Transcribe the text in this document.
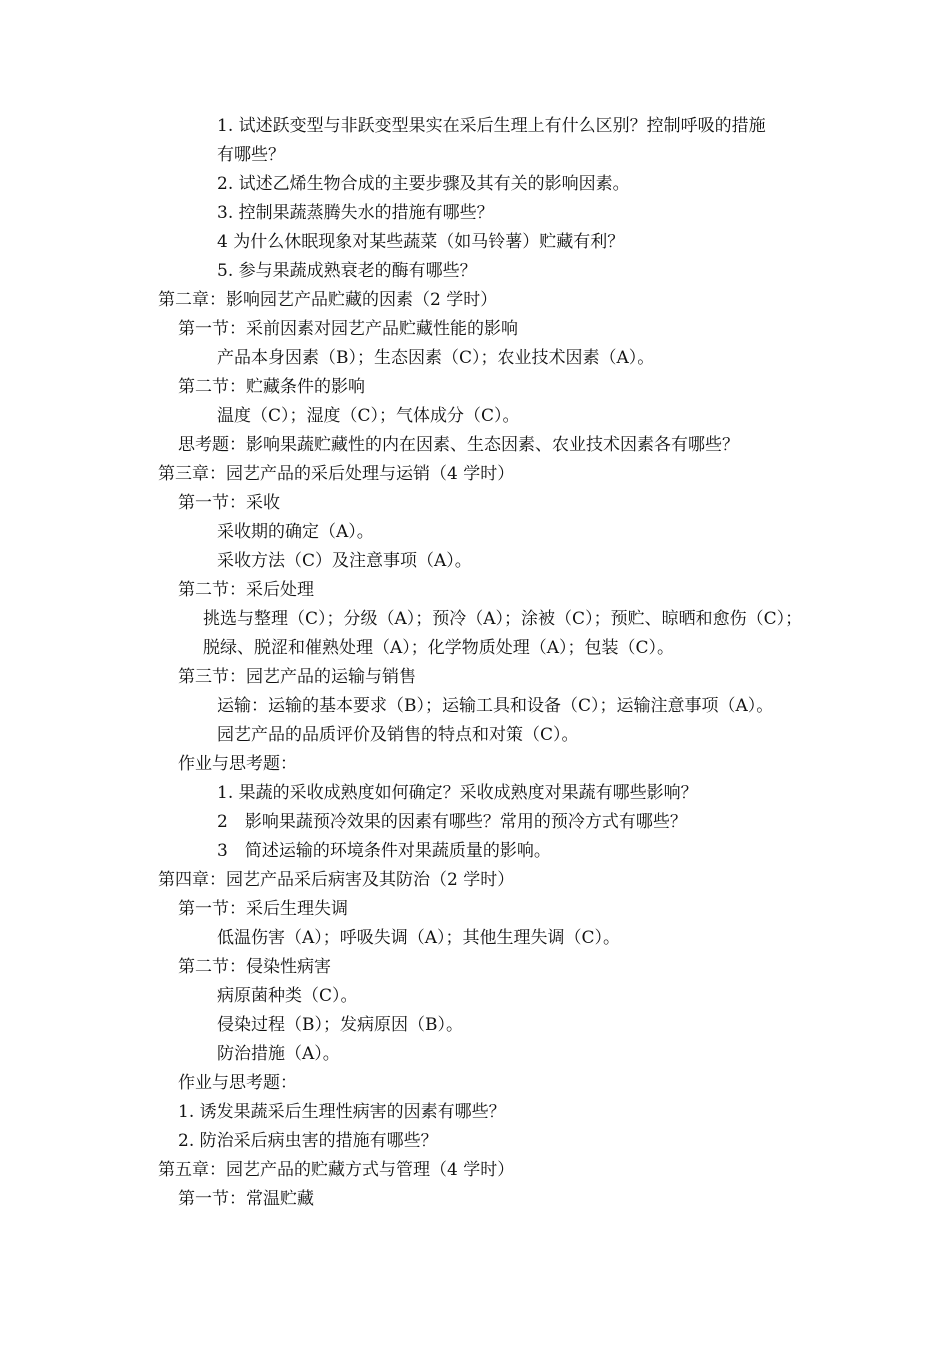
1. 试述跃变型与非跃变型果实在采后生理上有什么区别？控制呼吸的措施
有哪些？
2. 试述乙烯生物合成的主要步骤及其有关的影响因素。
3. 控制果蔬蒸腾失水的措施有哪些？
4 为什么休眠现象对某些蔬菜（如马铃薯）贮藏有利？
5. 参与果蔬成熟衰老的酶有哪些？
第二章：影响园艺产品贮藏的因素（2 学时）
第一节：采前因素对园艺产品贮藏性能的影响
产品本身因素（B）；生态因素（C）；农业技术因素（A）。
第二节：贮藏条件的影响
温度（C）；湿度（C）；气体成分（C）。
思考题：影响果蔬贮藏性的内在因素、生态因素、农业技术因素各有哪些？
第三章：园艺产品的采后处理与运销（4 学时）
第一节：采收
采收期的确定（A）。
采收方法（C）及注意事项（A）。
第二节：采后处理
挑选与整理（C）；分级（A）；预冷（A）；涂被（C）；预贮、晾晒和愈伤（C）；
脱绿、脱涩和催熟处理（A）；化学物质处理（A）；包装（C）。
第三节：园艺产品的运输与销售
运输：运输的基本要求（B）；运输工具和设备（C）；运输注意事项（A）。
园艺产品的品质评价及销售的特点和对策（C）。
作业与思考题：
1. 果蔬的采收成熟度如何确定？采收成熟度对果蔬有哪些影响？
2　影响果蔬预冷效果的因素有哪些？常用的预冷方式有哪些？
3　简述运输的环境条件对果蔬质量的影响。
第四章：园艺产品采后病害及其防治（2 学时）
第一节：采后生理失调
低温伤害（A）；呼吸失调（A）；其他生理失调（C）。
第二节：侵染性病害
病原菌种类（C）。
侵染过程（B）；发病原因（B）。
防治措施（A）。
作业与思考题：
1. 诱发果蔬采后生理性病害的因素有哪些？
2. 防治采后病虫害的措施有哪些？
第五章：园艺产品的贮藏方式与管理（4 学时）
第一节：常温贮藏
